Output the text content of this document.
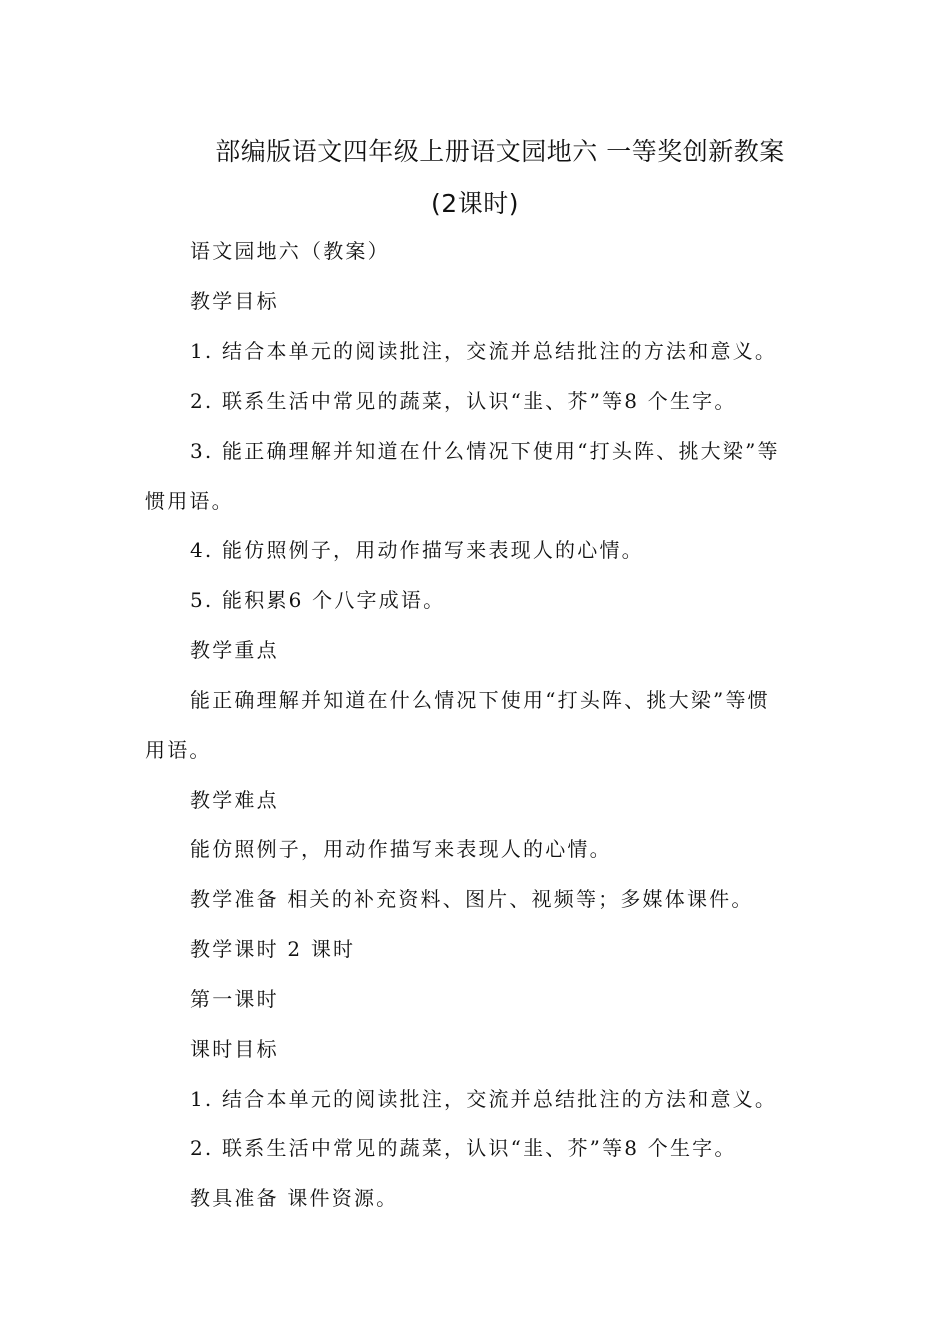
部编版语文四年级上册语文园地六 一等奖创新教案
(2课时)
语文园地六（教案）
教学目标
1. 结合本单元的阅读批注，交流并总结批注的方法和意义。
2. 联系生活中常见的蔬菜，认识“韭、芥”等8 个生字。
3. 能正确理解并知道在什么情况下使用“打头阵、挑大梁”等
惯用语。
4. 能仿照例子，用动作描写来表现人的心情。
5. 能积累6 个八字成语。
教学重点
能正确理解并知道在什么情况下使用“打头阵、挑大梁”等惯
用语。
教学难点
能仿照例子，用动作描写来表现人的心情。
教学准备 相关的补充资料、图片、视频等；多媒体课件。
教学课时 2 课时
第一课时
课时目标
1. 结合本单元的阅读批注，交流并总结批注的方法和意义。
2. 联系生活中常见的蔬菜，认识“韭、芥”等8 个生字。
教具准备 课件资源。
